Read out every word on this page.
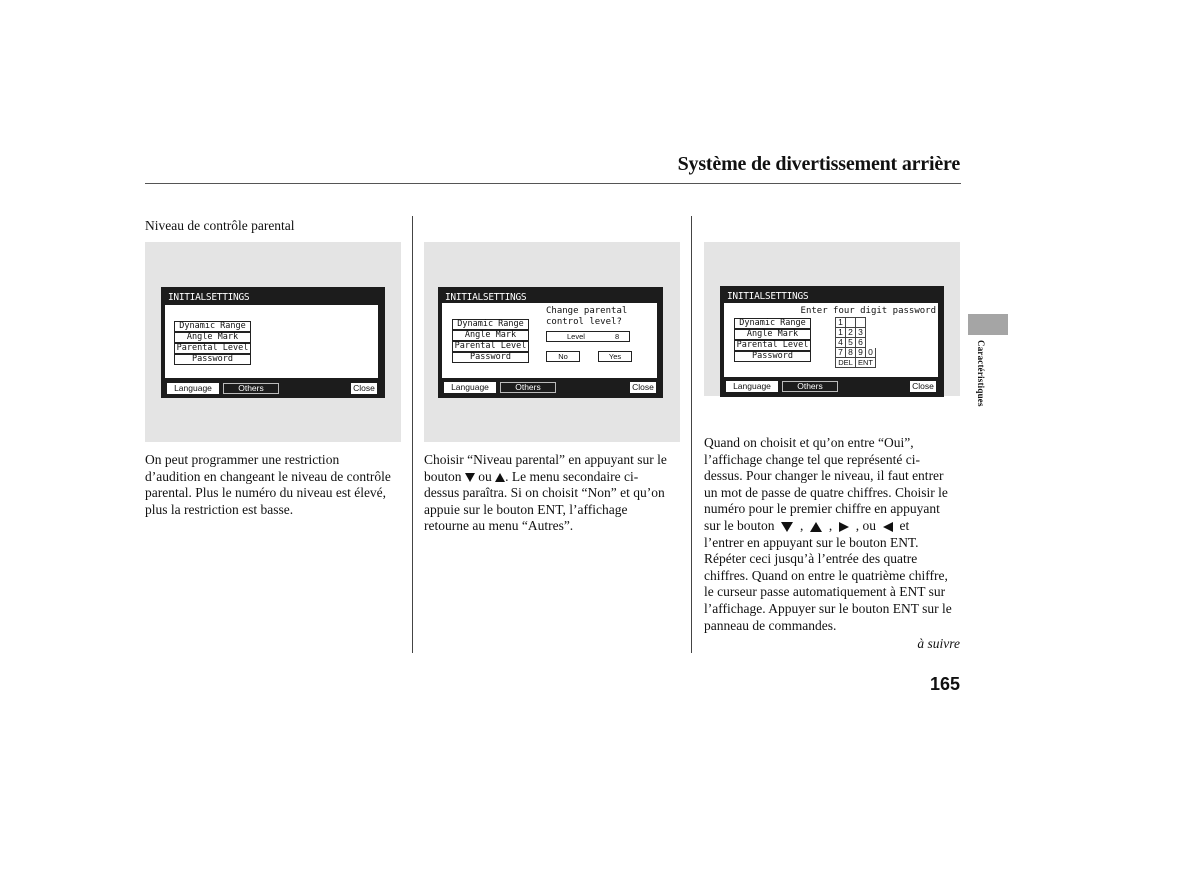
Système de divertissement arrière
Niveau de contrôle parental
INITIALSETTINGS
Dynamic Range
Angle Mark
Parental Level
Password
Language	Others	Close
INITIALSETTINGS
Change parental
control level?
Dynamic Range
Angle Mark
Parental Level
Password
Level	8
No	Yes
Language	Others	Close
INITIALSETTINGS
Enter four digit password
Dynamic Range
Angle Mark
Parental Level
Password
1			
1	2	3	
4	5	6	
7	8	9	0
DEL		ENT	
Language	Others	Close

On peut programmer une restriction

d’audition en changeant le niveau de contrôle

parental. Plus le numéro du niveau est élevé,

plus la restriction est basse.

Choisir “Niveau parental” en appuyant sur le

bouton ou . Le menu secondaire ci-

dessus paraîtra. Si on choisit “Non” et qu’on

appuie sur le bouton ENT, l’affichage

retourne au menu “Autres”.

Quand on choisit et qu’on entre “Oui”,

l’affichage change tel que représenté ci-

dessus. Pour changer le niveau, il faut entrer

un mot de passe de quatre chiffres. Choisir le

numéro pour le premier chiffre en appuyant

sur le bouton , , , ou et

l’entrer en appuyant sur le bouton ENT.

Répéter ceci jusqu’à l’entrée des quatre

chiffres. Quand on entre le quatrième chiffre,

le curseur passe automatiquement à ENT sur

l’affichage. Appuyer sur le bouton ENT sur le

panneau de commandes.

à suivre
Caractéristiques
165
